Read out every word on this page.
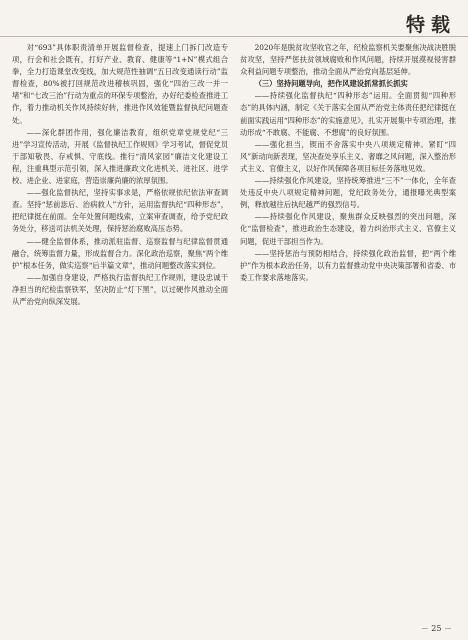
特载

对“693”具体职责清单开展监督检查，提速上门拆门改造专项，行会和社会既有，打好产业、教育、健康等“1+N”模式组合拳，全力打造课堂改变线，加大规范性抽调“五日改变通读行动”监督检查，80%被打回规范改进稽核巩固，强化“四治三改一并一堵”和“七改三治”行动为重点的环保专项整治，办好纪委检查推进工作，着力推动机关作风持续好转，推进作风效能暨监督执纪问题查处。

——深化群团作用，强化廉洁教育，组织党章党规党纪“三进”学习宣传活动，开展《监督执纪工作规则》学习考试，督促党员干部知敬畏、存戒惧、守底线。推行“清风家园”廉洁文化建设工程，注重典型示范引领，深入推进廉政文化进机关、进社区、进学校、进企业、进家庭，营造崇廉尚廉的浓厚氛围。

——强化监督执纪，坚持实事求是，严格依规依纪依法审查调查。坚持“惩前毖后、治病救人”方针，运用监督执纪“四种形态”，把纪律挺在前面。全年处置问题线索，立案审查调查，给予党纪政务处分，移送司法机关处理，保持惩治腐败高压态势。

——健全监督体系，推动派驻监督、巡察监督与纪律监督贯通融合，统筹监督力量，形成监督合力。深化政治巡察，聚焦“两个维护”根本任务，做实巡察“后半篇文章”，推动问题整改落实到位。

——加强自身建设，严格执行监督执纪工作规则，建设忠诚干净担当的纪检监察铁军，坚决防止“灯下黑”，以过硬作风推动全面从严治党向纵深发展。

2020年是脱贫攻坚收官之年，纪检监察机关要聚焦决战决胜脱贫攻坚，坚持严惩扶贫领域腐败和作风问题，持续开展漠视侵害群众利益问题专项整治，推动全面从严治党向基层延伸。

（三）坚持问题导向，把作风建设抓常抓长抓实

——持续强化监督执纪“四种形态”运用。全面贯彻“四种形态”的具体内涵，制定《关于落实全面从严治党主体责任把纪律挺在前面实践运用“四种形态”的实施意见》，扎实开展集中专项治理，推动形成“不敢腐、不能腐、不想腐”的良好氛围。

——强化担当，锲而不舍落实中央八项规定精神。紧盯“四风”新动向新表现，坚决查处享乐主义、奢靡之风问题，深入整治形式主义、官僚主义，以好作风保障各项目标任务落地见效。

——持续强化作风建设，坚持统筹推进“三不”一体化，全年查处违反中央八项规定精神问题，党纪政务处分，通报曝光典型案例，释放越往后执纪越严的强烈信号。

——持续强化作风建设，聚焦群众反映强烈的突出问题，深化“监督检查”，推进政治生态建设，着力纠治形式主义、官僚主义问题，促进干部担当作为。

——坚持惩治与预防相结合，持续强化政治监督，把“两个维护”作为根本政治任务，以有力监督推动党中央决策部署和省委、市委工作要求落地落实。

－ 25 －
